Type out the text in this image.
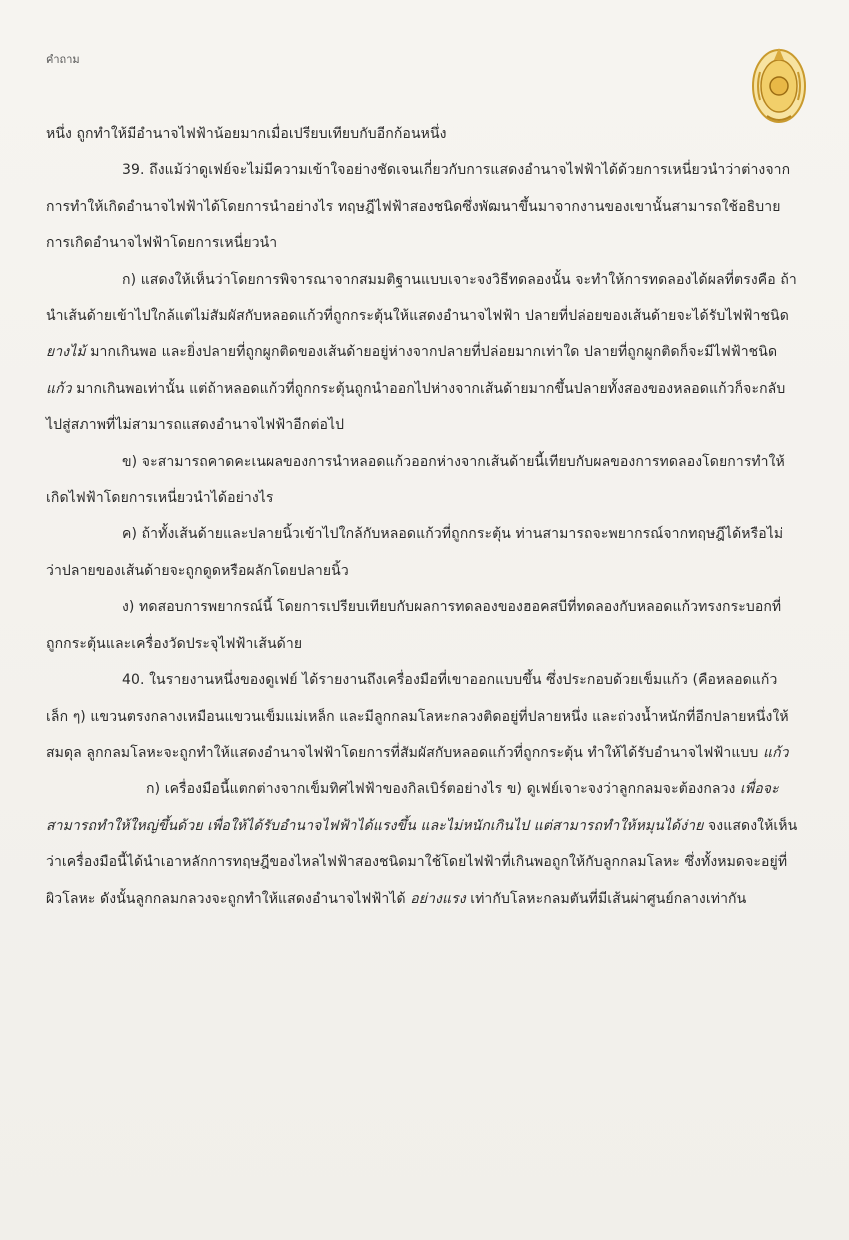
คำถาม

หนึ่ง ถูกทำให้มีอำนาจไฟฟ้าน้อยมากเมื่อเปรียบเทียบกับอีกก้อนหนึ่ง

39. ถึงแม้ว่าดูเฟย์จะไม่มีความเข้าใจอย่างชัดเจนเกี่ยวกับการแสดงอำนาจไฟฟ้าได้ด้วยการเหนี่ยวนำว่าต่างจากการทำให้เกิดอำนาจไฟฟ้าได้โดยการนำอย่างไร ทฤษฎีไฟฟ้าสองชนิดซึ่งพัฒนาขึ้นมาจากงานของเขานั้นสามารถใช้อธิบายการเกิดอำนาจไฟฟ้าโดยการเหนี่ยวนำ

ก) แสดงให้เห็นว่าโดยการพิจารณาจากสมมติฐานแบบเจาะจงวิธีทดลองนั้น จะทำให้การทดลองได้ผลที่ตรงคือ ถ้านำเส้นด้ายเข้าไปใกล้แต่ไม่สัมผัสกับหลอดแก้วที่ถูกกระตุ้นให้แสดงอำนาจไฟฟ้า ปลายที่ปล่อยของเส้นด้ายจะได้รับไฟฟ้าชนิด ยางไม้ มากเกินพอ และยิ่งปลายที่ถูกผูกติดของเส้นด้ายอยู่ห่างจากปลายที่ปล่อยมากเท่าใด ปลายที่ถูกผูกติดก็จะมีไฟฟ้าชนิด แก้ว มากเกินพอเท่านั้น แต่ถ้าหลอดแก้วที่ถูกกระตุ้นถูกนำออกไปห่างจากเส้นด้ายมากขึ้นปลายทั้งสองของหลอดแก้วก็จะกลับไปสู่สภาพที่ไม่สามารถแสดงอำนาจไฟฟ้าอีกต่อไป

ข) จะสามารถคาดคะเนผลของการนำหลอดแก้วออกห่างจากเส้นด้ายนี้เทียบกับผลของการทดลองโดยการทำให้เกิดไฟฟ้าโดยการเหนี่ยวนำได้อย่างไร

ค) ถ้าทั้งเส้นด้ายและปลายนิ้วเข้าไปใกล้กับหลอดแก้วที่ถูกกระตุ้น ท่านสามารถจะพยากรณ์จากทฤษฎีได้หรือไม่ว่าปลายของเส้นด้ายจะถูกดูดหรือผลักโดยปลายนิ้ว

ง) ทดสอบการพยากรณ์นี้ โดยการเปรียบเทียบกับผลการทดลองของฮอคสบีที่ทดลองกับหลอดแก้วทรงกระบอกที่ถูกกระตุ้นและเครื่องวัดประจุไฟฟ้าเส้นด้าย

40. ในรายงานหนึ่งของดูเฟย์ ได้รายงานถึงเครื่องมือที่เขาออกแบบขึ้น ซึ่งประกอบด้วยเข็มแก้ว (คือหลอดแก้วเล็ก ๆ) แขวนตรงกลางเหมือนแขวนเข็มแม่เหล็ก และมีลูกกลมโลหะกลวงติดอยู่ที่ปลายหนึ่ง และถ่วงน้ำหนักที่อีกปลายหนึ่งให้สมดุล ลูกกลมโลหะจะถูกทำให้แสดงอำนาจไฟฟ้าโดยการที่สัมผัสกับหลอดแก้วที่ถูกกระตุ้น ทำให้ได้รับอำนาจไฟฟ้าแบบ แก้ว

ก) เครื่องมือนี้แตกต่างจากเข็มทิศไฟฟ้าของกิลเบิร์ตอย่างไร ข) ดูเฟย์เจาะจงว่าลูกกลมจะต้องกลวง เพื่อจะสามารถทำให้ใหญ่ขึ้นด้วย เพื่อให้ได้รับอำนาจไฟฟ้าได้แรงขึ้น และไม่หนักเกินไป แต่สามารถทำให้หมุนได้ง่าย จงแสดงให้เห็นว่าเครื่องมือนี้ได้นำเอาหลักการทฤษฎีของไหลไฟฟ้าสองชนิดมาใช้โดยไฟฟ้าที่เกินพอถูกให้กับลูกกลมโลหะ ซึ่งทั้งหมดจะอยู่ที่ผิวโลหะ ดังนั้นลูกกลมกลวงจะถูกทำให้แสดงอำนาจไฟฟ้าได้ อย่างแรง เท่ากับโลหะกลมตันที่มีเส้นผ่าศูนย์กลางเท่ากัน
